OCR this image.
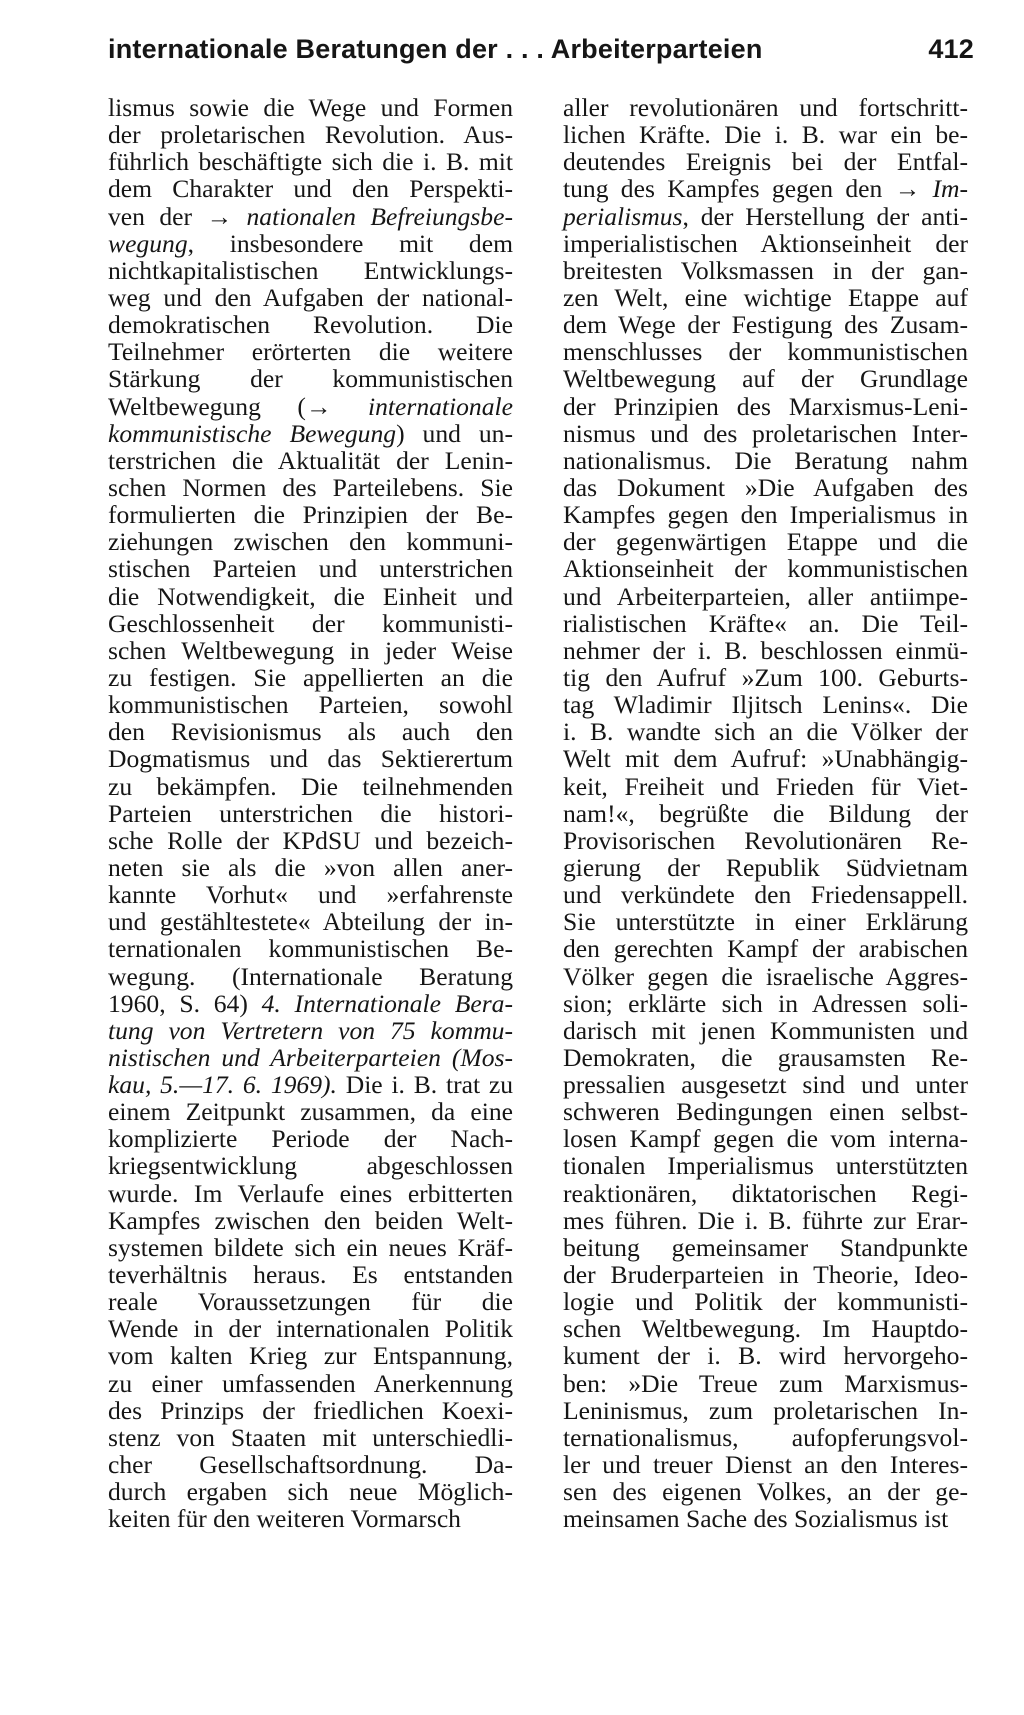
internationale Beratungen der . . . Arbeiterparteien	412
lismus sowie die Wege und Formen
der proletarischen Revolution. Aus-
führlich beschäftigte sich die i. B. mit
dem Charakter und den Perspekti-
ven der → nationalen Befreiungsbe-
wegung, insbesondere mit dem
nichtkapitalistischen Entwicklungs-
weg und den Aufgaben der national-
demokratischen Revolution. Die
Teilnehmer erörterten die weitere
Stärkung der kommunistischen
Weltbewegung (→ internationale
kommunistische Bewegung) und un-
terstrichen die Aktualität der Lenin-
schen Normen des Parteilebens. Sie
formulierten die Prinzipien der Be-
ziehungen zwischen den kommuni-
stischen Parteien und unterstrichen
die Notwendigkeit, die Einheit und
Geschlossenheit der kommunisti-
schen Weltbewegung in jeder Weise
zu festigen. Sie appellierten an die
kommunistischen Parteien, sowohl
den Revisionismus als auch den
Dogmatismus und das Sektierertum
zu bekämpfen. Die teilnehmenden
Parteien unterstrichen die histori-
sche Rolle der KPdSU und bezeich-
neten sie als die »von allen aner-
kannte Vorhut« und »erfahrenste
und gestähltestete« Abteilung der in-
ternationalen kommunistischen Be-
wegung. (Internationale Beratung
1960, S. 64) 4. Internationale Bera-
tung von Vertretern von 75 kommu-
nistischen und Arbeiterparteien (Mos-
kau, 5.—17. 6. 1969). Die i. B. trat zu
einem Zeitpunkt zusammen, da eine
komplizierte Periode der Nach-
kriegsentwicklung abgeschlossen
wurde. Im Verlaufe eines erbitterten
Kampfes zwischen den beiden Welt-
systemen bildete sich ein neues Kräf-
teverhältnis heraus. Es entstanden
reale Voraussetzungen für die
Wende in der internationalen Politik
vom kalten Krieg zur Entspannung,
zu einer umfassenden Anerkennung
des Prinzips der friedlichen Koexi-
stenz von Staaten mit unterschiedli-
cher Gesellschaftsordnung. Da-
durch ergaben sich neue Möglich-
keiten für den weiteren Vormarsch
aller revolutionären und fortschritt-
lichen Kräfte. Die i. B. war ein be-
deutendes Ereignis bei der Entfal-
tung des Kampfes gegen den → Im-
perialismus, der Herstellung der anti-
imperialistischen Aktionseinheit der
breitesten Volksmassen in der gan-
zen Welt, eine wichtige Etappe auf
dem Wege der Festigung des Zusam-
menschlusses der kommunistischen
Weltbewegung auf der Grundlage
der Prinzipien des Marxismus-Leni-
nismus und des proletarischen Inter-
nationalismus. Die Beratung nahm
das Dokument »Die Aufgaben des
Kampfes gegen den Imperialismus in
der gegenwärtigen Etappe und die
Aktionseinheit der kommunistischen
und Arbeiterparteien, aller antiimpe-
rialistischen Kräfte« an. Die Teil-
nehmer der i. B. beschlossen einmü-
tig den Aufruf »Zum 100. Geburts-
tag Wladimir Iljitsch Lenins«. Die
i. B. wandte sich an die Völker der
Welt mit dem Aufruf: »Unabhängig-
keit, Freiheit und Frieden für Viet-
nam!«, begrüßte die Bildung der
Provisorischen Revolutionären Re-
gierung der Republik Südvietnam
und verkündete den Friedensappell.
Sie unterstützte in einer Erklärung
den gerechten Kampf der arabischen
Völker gegen die israelische Aggres-
sion; erklärte sich in Adressen soli-
darisch mit jenen Kommunisten und
Demokraten, die grausamsten Re-
pressalien ausgesetzt sind und unter
schweren Bedingungen einen selbst-
losen Kampf gegen die vom interna-
tionalen Imperialismus unterstützten
reaktionären, diktatorischen Regi-
mes führen. Die i. B. führte zur Erar-
beitung gemeinsamer Standpunkte
der Bruderparteien in Theorie, Ideo-
logie und Politik der kommunisti-
schen Weltbewegung. Im Hauptdo-
kument der i. B. wird hervorgeho-
ben: »Die Treue zum Marxismus-
Leninismus, zum proletarischen In-
ternationalismus, aufopferungsvol-
ler und treuer Dienst an den Interes-
sen des eigenen Volkes, an der ge-
meinsamen Sache des Sozialismus ist
